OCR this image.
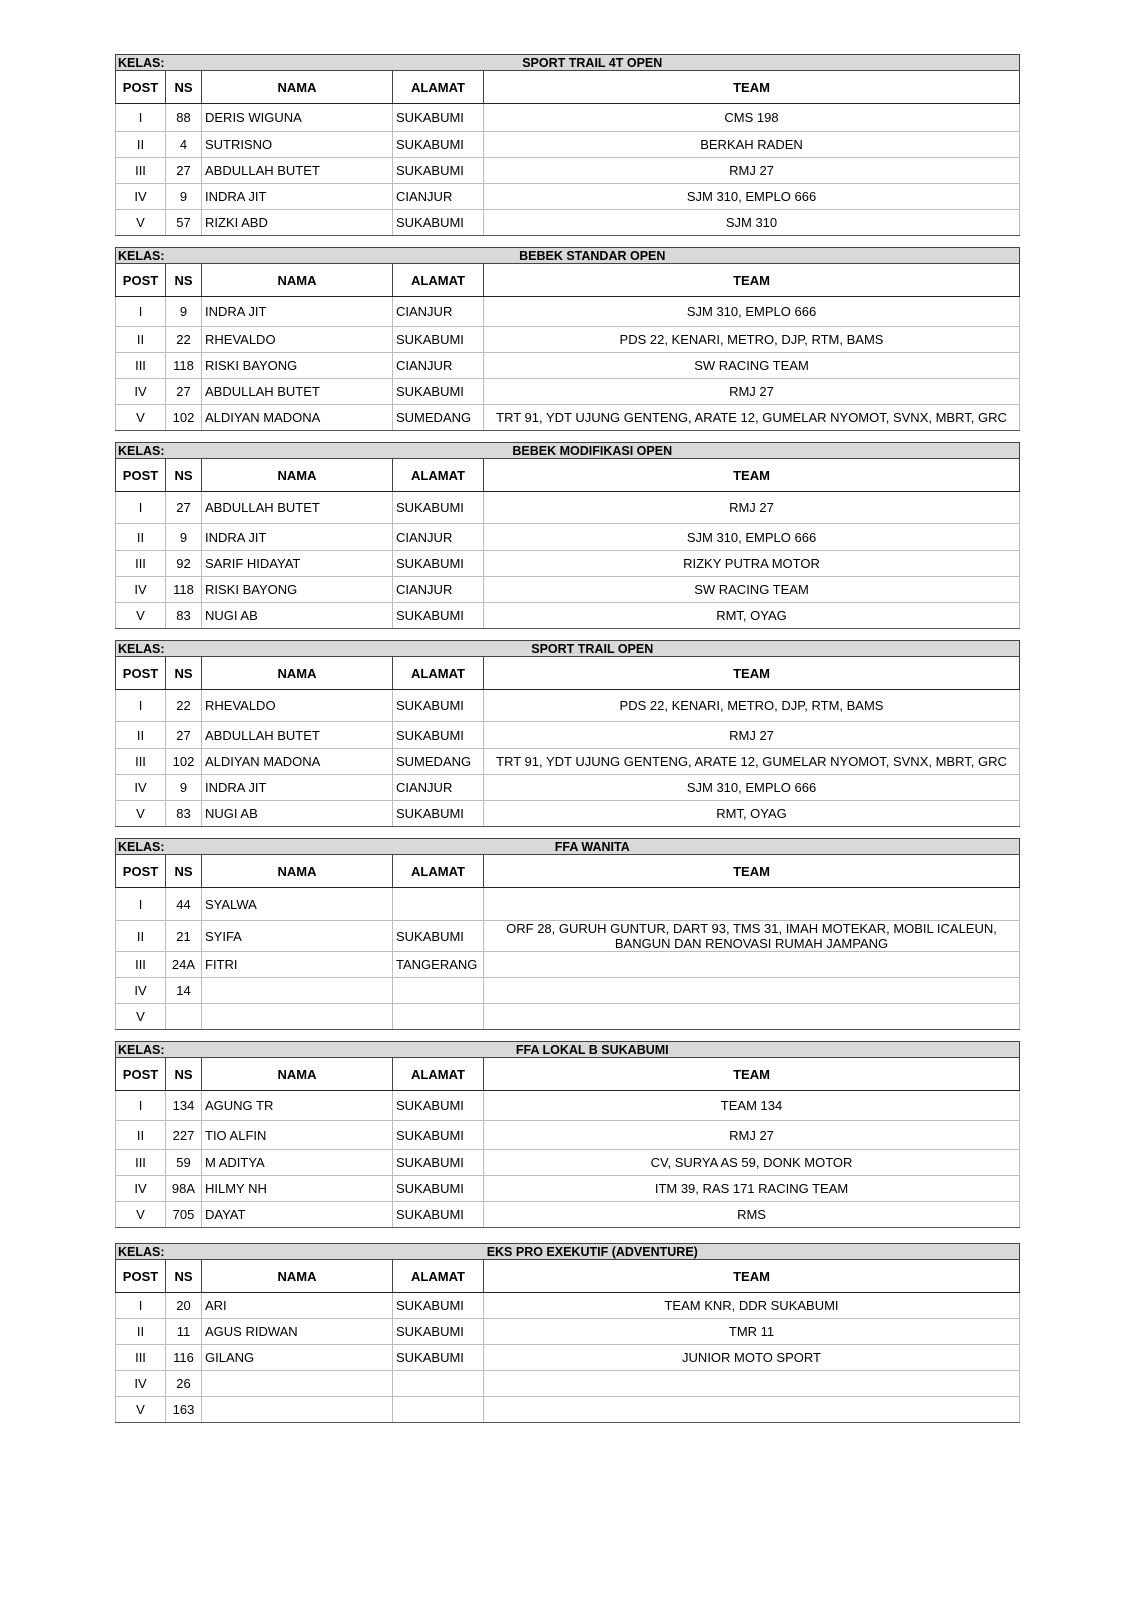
KELAS:	SPORT TRAIL 4T OPEN			
POST	NS	NAMA	ALAMAT	TEAM
I	88	DERIS WIGUNA	SUKABUMI	CMS 198
II	4	SUTRISNO	SUKABUMI	BERKAH RADEN
III	27	ABDULLAH BUTET	SUKABUMI	RMJ 27
IV	9	INDRA JIT	CIANJUR	SJM 310, EMPLO 666
V	57	RIZKI ABD	SUKABUMI	SJM 310
KELAS:	BEBEK STANDAR OPEN			
POST	NS	NAMA	ALAMAT	TEAM
I	9	INDRA JIT	CIANJUR	SJM 310, EMPLO 666
II	22	RHEVALDO	SUKABUMI	PDS 22, KENARI, METRO, DJP, RTM, BAMS
III	118	RISKI BAYONG	CIANJUR	SW RACING TEAM
IV	27	ABDULLAH BUTET	SUKABUMI	RMJ 27
V	102	ALDIYAN MADONA	SUMEDANG	TRT 91, YDT UJUNG GENTENG, ARATE 12, GUMELAR NYOMOT, SVNX, MBRT, GRC
KELAS:	BEBEK MODIFIKASI OPEN			
POST	NS	NAMA	ALAMAT	TEAM
I	27	ABDULLAH BUTET	SUKABUMI	RMJ 27
II	9	INDRA JIT	CIANJUR	SJM 310, EMPLO 666
III	92	SARIF HIDAYAT	SUKABUMI	RIZKY PUTRA MOTOR
IV	118	RISKI BAYONG	CIANJUR	SW RACING TEAM
V	83	NUGI AB	SUKABUMI	RMT, OYAG
KELAS:	SPORT TRAIL OPEN			
POST	NS	NAMA	ALAMAT	TEAM
I	22	RHEVALDO	SUKABUMI	PDS 22, KENARI, METRO, DJP, RTM, BAMS
II	27	ABDULLAH BUTET	SUKABUMI	RMJ 27
III	102	ALDIYAN MADONA	SUMEDANG	TRT 91, YDT UJUNG GENTENG, ARATE 12, GUMELAR NYOMOT, SVNX, MBRT, GRC
IV	9	INDRA JIT	CIANJUR	SJM 310, EMPLO 666
V	83	NUGI AB	SUKABUMI	RMT, OYAG
KELAS:	FFA WANITA			
POST	NS	NAMA	ALAMAT	TEAM
I	44	SYALWA		
II	21	SYIFA	SUKABUMI	ORF 28, GURUH GUNTUR, DART 93, TMS 31, IMAH MOTEKAR, MOBIL ICALEUN, BANGUN DAN RENOVASI RUMAH JAMPANG
III	24A	FITRI	TANGERANG	
IV	14			
V				
KELAS:	FFA LOKAL B SUKABUMI			
POST	NS	NAMA	ALAMAT	TEAM
I	134	AGUNG TR	SUKABUMI	TEAM 134
II	227	TIO ALFIN	SUKABUMI	RMJ 27
III	59	M ADITYA	SUKABUMI	CV, SURYA AS 59, DONK MOTOR
IV	98A	HILMY NH	SUKABUMI	ITM 39, RAS 171 RACING TEAM
V	705	DAYAT	SUKABUMI	RMS
KELAS:	EKS PRO EXEKUTIF (ADVENTURE)			
POST	NS	NAMA	ALAMAT	TEAM
I	20	ARI	SUKABUMI	TEAM KNR, DDR SUKABUMI
II	11	AGUS RIDWAN	SUKABUMI	TMR 11
III	116	GILANG	SUKABUMI	JUNIOR MOTO SPORT
IV	26			
V	163			
